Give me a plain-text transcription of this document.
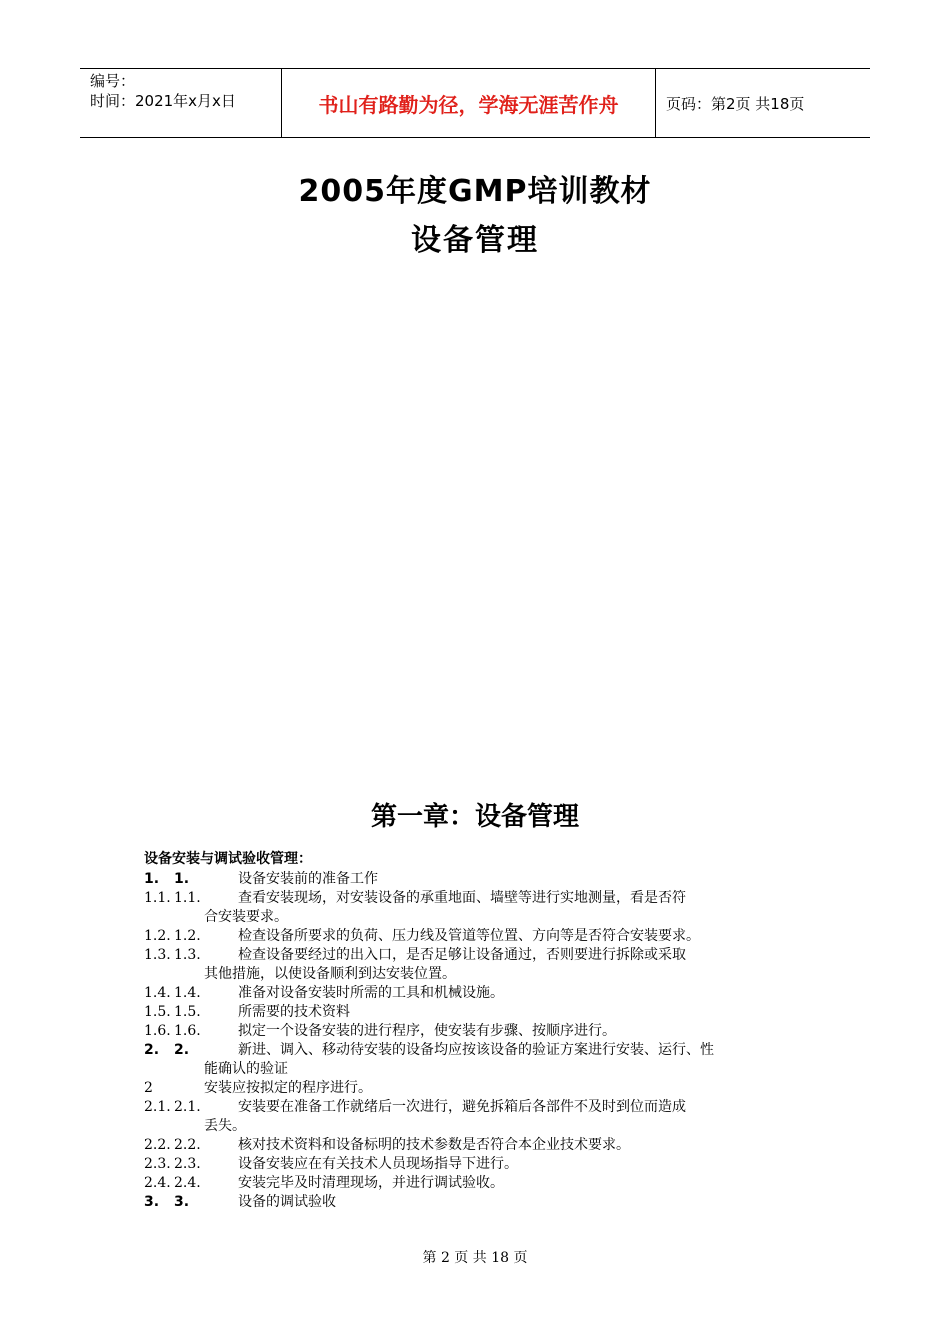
编号：
时间：2021年x月x日	书山有路勤为径，学海无涯苦作舟	页码：第2页 共18页
2005年度GMP培训教材
设备管理
第一章：设备管理
设备安装与调试验收管理：
1.	1.	设备安装前的准备工作
1.1. 1.1.	查看安装现场，对安装设备的承重地面、墙壁等进行实地测量，看是否符
合安装要求。
1.2. 1.2.	检查设备所要求的负荷、压力线及管道等位置、方向等是否符合安装要求。
1.3. 1.3.	检查设备要经过的出入口，是否足够让设备通过，否则要进行拆除或采取
其他措施，以使设备顺利到达安装位置。
1.4. 1.4.	准备对设备安装时所需的工具和机械设施。
1.5. 1.5.	所需要的技术资料
1.6. 1.6.	拟定一个设备安装的进行程序，使安装有步骤、按顺序进行。
2.	2.	新进、调入、移动待安装的设备均应按该设备的验证方案进行安装、运行、性
能确认的验证
2	安装应按拟定的程序进行。
2.1. 2.1.	安装要在准备工作就绪后一次进行，避免拆箱后各部件不及时到位而造成
丢失。
2.2. 2.2.	核对技术资料和设备标明的技术参数是否符合本企业技术要求。
2.3. 2.3.	设备安装应在有关技术人员现场指导下进行。
2.4. 2.4.	安装完毕及时清理现场，并进行调试验收。
3.	3.	设备的调试验收
第 2 页 共 18 页
